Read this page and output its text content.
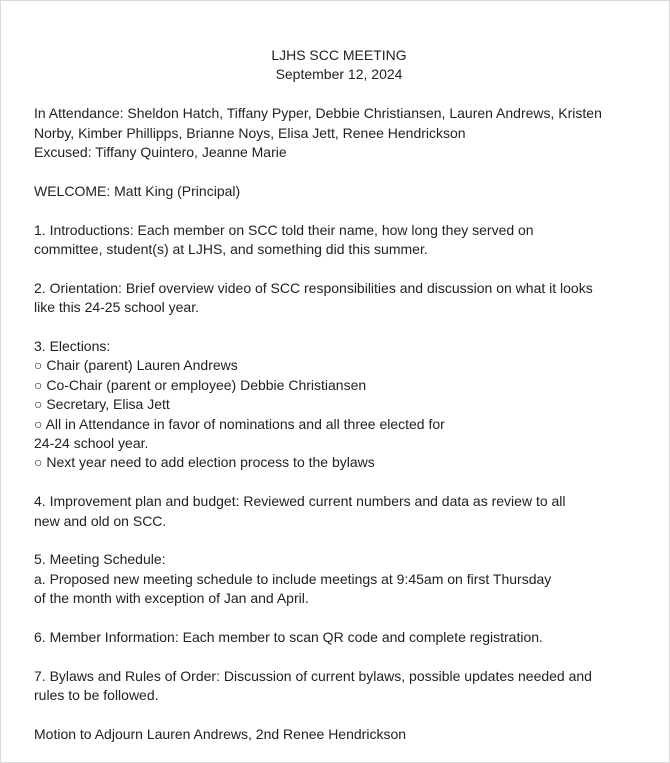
LJHS SCC MEETING
September 12, 2024
In Attendance: Sheldon Hatch, Tiffany Pyper, Debbie Christiansen, Lauren Andrews, Kristen
Norby, Kimber Phillipps, Brianne Noys, Elisa Jett, Renee Hendrickson
Excused: Tiffany Quintero, Jeanne Marie
WELCOME: Matt King (Principal)
1. Introductions: Each member on SCC told their name, how long they served on
committee, student(s) at LJHS, and something did this summer.
2. Orientation: Brief overview video of SCC responsibilities and discussion on what it looks
like this 24-25 school year.
3. Elections:
○ Chair (parent) Lauren Andrews
○ Co-Chair (parent or employee) Debbie Christiansen
○ Secretary, Elisa Jett
○ All in Attendance in favor of nominations and all three elected for
24-24 school year.
○ Next year need to add election process to the bylaws
4. Improvement plan and budget: Reviewed current numbers and data as review to all
new and old on SCC.
5. Meeting Schedule:
a. Proposed new meeting schedule to include meetings at 9:45am on first Thursday
of the month with exception of Jan and April.
6. Member Information: Each member to scan QR code and complete registration.
7. Bylaws and Rules of Order: Discussion of current bylaws, possible updates needed and
rules to be followed.
Motion to Adjourn Lauren Andrews, 2nd Renee Hendrickson
